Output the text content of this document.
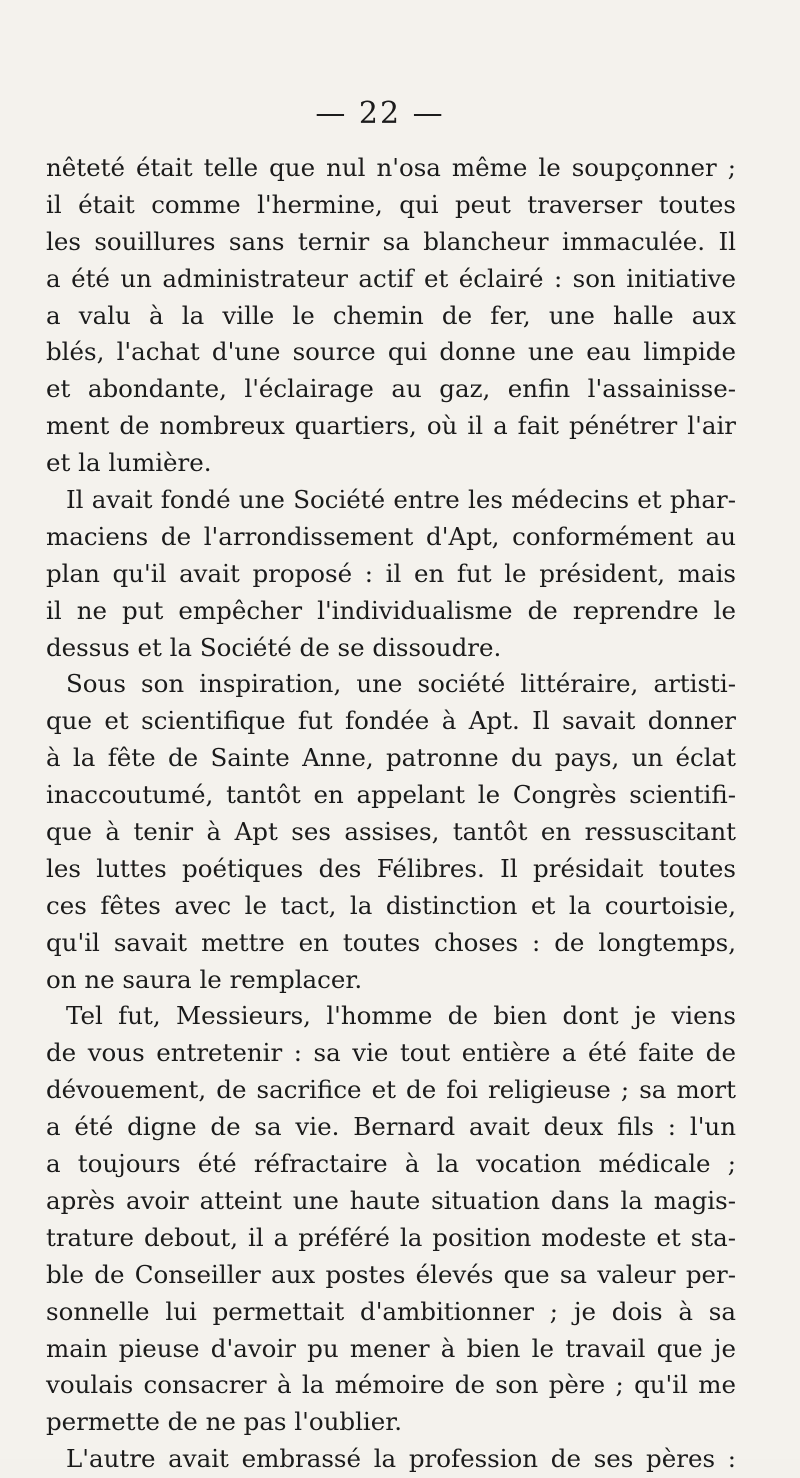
— 22 —
nêteté était telle que nul n'osa même le soupçonner ;
il était comme l'hermine, qui peut traverser toutes
les souillures sans ternir sa blancheur immaculée. Il
a été un administrateur actif et éclairé : son initiative
a valu à la ville le chemin de fer, une halle aux
blés, l'achat d'une source qui donne une eau limpide
et abondante, l'éclairage au gaz, enfin l'assainisse-
ment de nombreux quartiers, où il a fait pénétrer l'air
et la lumière.
Il avait fondé une Société entre les médecins et phar-
maciens de l'arrondissement d'Apt, conformément au
plan qu'il avait proposé : il en fut le président, mais
il ne put empêcher l'individualisme de reprendre le
dessus et la Société de se dissoudre.
Sous son inspiration, une société littéraire, artisti-
que et scientifique fut fondée à Apt. Il savait donner
à la fête de Sainte Anne, patronne du pays, un éclat
inaccoutumé, tantôt en appelant le Congrès scientifi-
que à tenir à Apt ses assises, tantôt en ressuscitant
les luttes poétiques des Félibres. Il présidait toutes
ces fêtes avec le tact, la distinction et la courtoisie,
qu'il savait mettre en toutes choses : de longtemps,
on ne saura le remplacer.
Tel fut, Messieurs, l'homme de bien dont je viens
de vous entretenir : sa vie tout entière a été faite de
dévouement, de sacrifice et de foi religieuse ; sa mort
a été digne de sa vie. Bernard avait deux fils : l'un
a toujours été réfractaire à la vocation médicale ;
après avoir atteint une haute situation dans la magis-
trature debout, il a préféré la position modeste et sta-
ble de Conseiller aux postes élevés que sa valeur per-
sonnelle lui permettait d'ambitionner ; je dois à sa
main pieuse d'avoir pu mener à bien le travail que je
voulais consacrer à la mémoire de son père ; qu'il me
permette de ne pas l'oublier.
L'autre avait embrassé la profession de ses pères :
